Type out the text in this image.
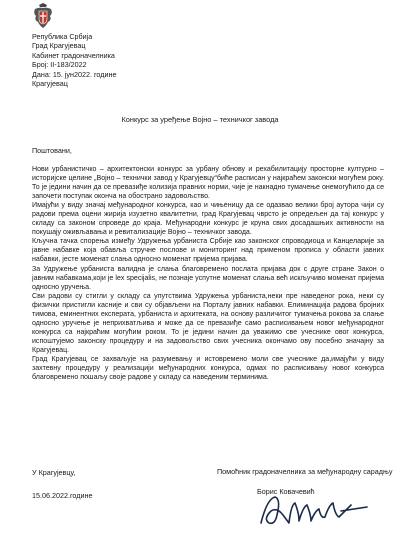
Република Србија
Град Крагујевац
Кабинет градоначелника
Број: II-183/2022
Дана: 15. јун2022. године
Крагујевац
Конкурс за уређење Војно – техничког завода
Поштовани,

Нови урбанистичко – архитектонски конкурс за урбану обнову и рехабилитацију просторне културно – историјске целине „Војно – технички завод у Крагујевцу“биће расписан у најкраћем законски могућем року. То је једини начин да се превазиђе колизија правних норми, чије је накнадно тумачење онемогућило да се започети поступак оконча на обострано задовољство.

Имајући у виду значај међународног конкурса, као и чињеницу да се одазвао велики број аутора чији су радови према оцени жирија изузетно квалитетни, град Крагујевац чврсто је опредељен да тај конкурс у складу са законом спроведе до краја. Међународни конкурс је круна свих досадашњих активности на покушају оживљавања и ревитализације Војно – техничког завода.

Кључна тачка спорења између Удружења урбаниста Србије као законског спроводиоца и Канцеларије за јавне набавке која обавља стручне послове и мониторинг над применом прописа у области јавних набавки, јесте моменат слања односно моменат пријема пријава.

За Удружење урбаниста валидна је слања благовремено послата пријава док с друге стране Закон о јавним набавкама,који је lex specijalis, не познаје успутне моменат слања већ искључиво моменат пријема односно уручења.

Сви радови су стигли у складу са упутствима Удружења урбаниста,неки пре наведеног рока, неки су физички пристигли касније и сви су објављени на Порталу јавних набавки. Елиминација радова бројних тимова, еминентних експерата, урбаниста и архитеката, на основу различитог тумачења рокова за слање односно уручење је неприхватљива и може да се превазиђе само расписивањем новог међународног конкурса са најкраћим могућим роком. То је једини начин да уважимо све учеснике овог конкурса, испоштујемо законску процедуру и на задовољство свих учесника окончамо ову посебно значајну за Крагујевац.

Град Крагујевац се захваљује на разумевању и истовремено моли све учеснике да,имајући у виду захтевну процедуру у реализацији међународних конкурса, одмах по расписивању новог конкурса благовремено пошаљу своје радове у складу са наведеним терминима.

У Крагујевцу,
15.06.2022.године
Помоћник градоначелника за међународну сарадњу
Борис Ковачевић
